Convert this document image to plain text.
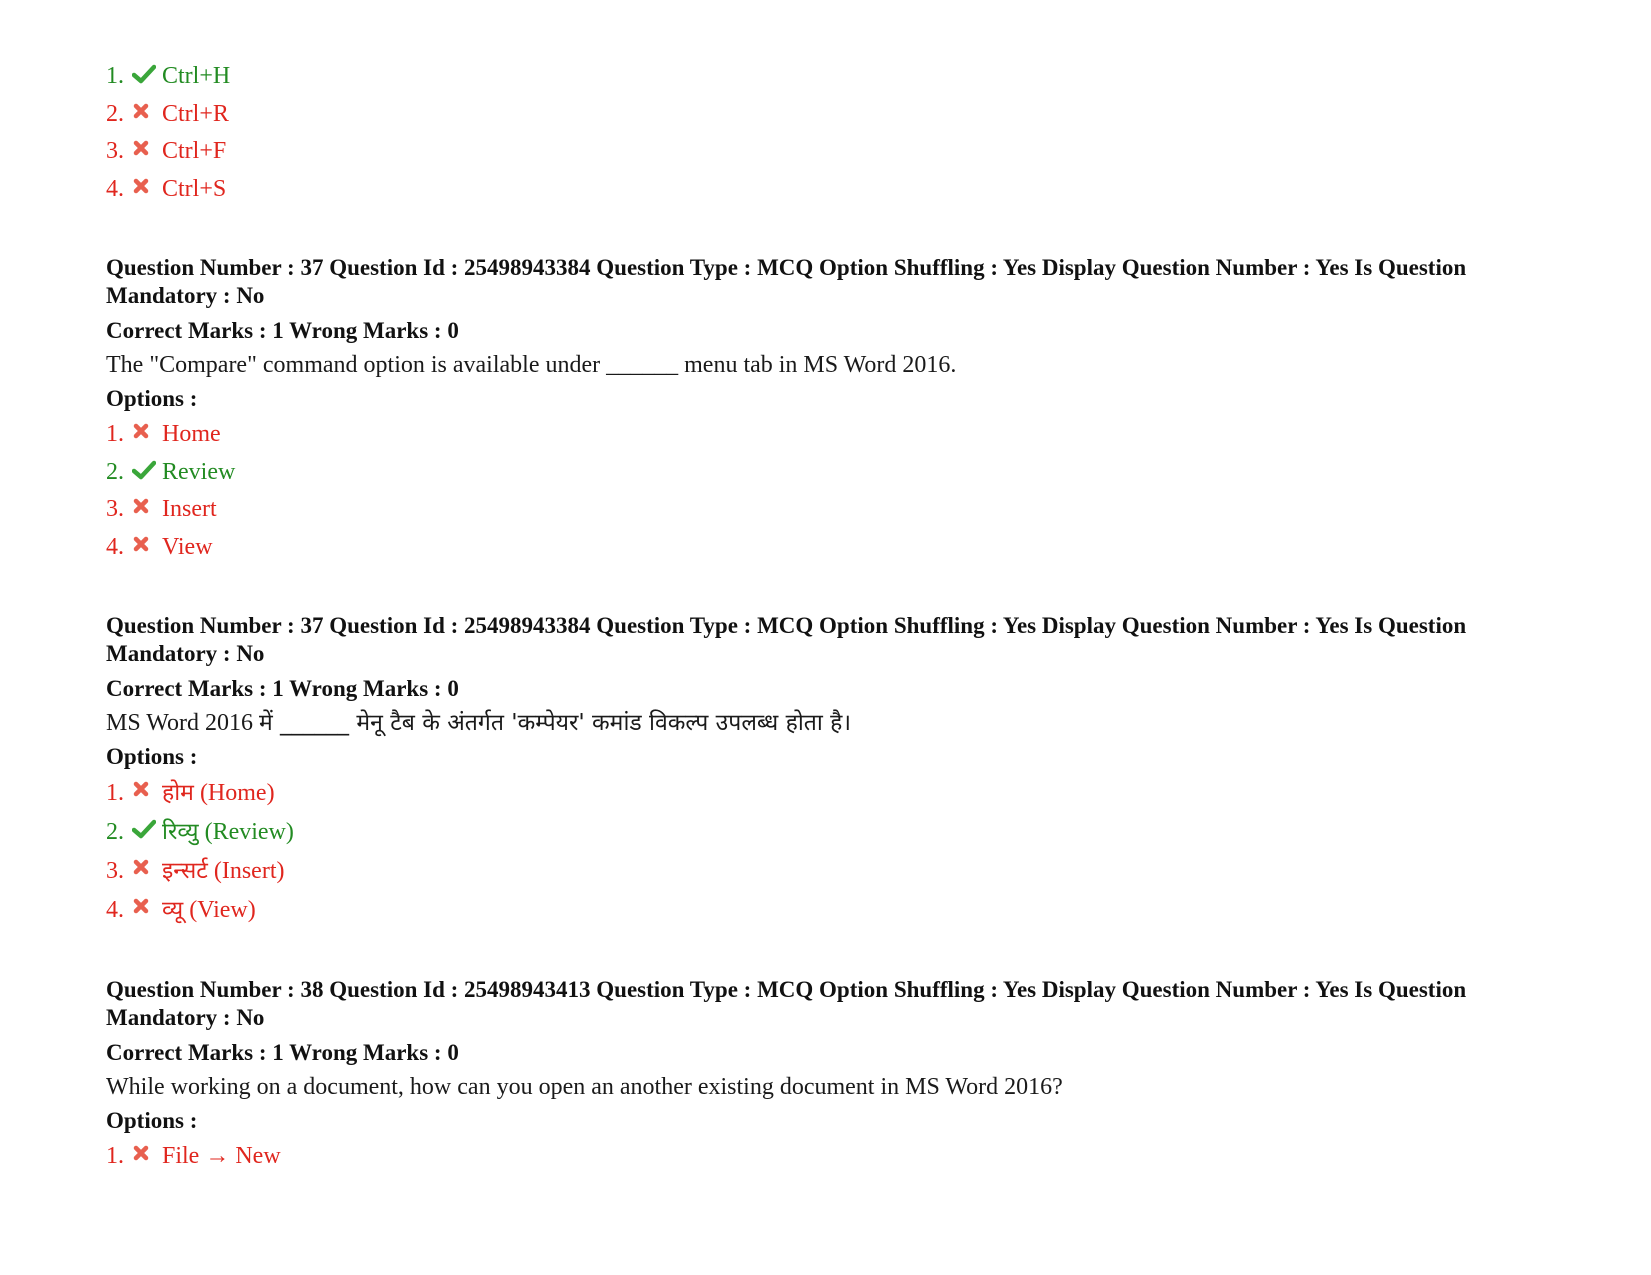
1. Ctrl+H
2. Ctrl+R
3. Ctrl+F
4. Ctrl+S
Question Number : 37 Question Id : 25498943384 Question Type : MCQ Option Shuffling : Yes Display Question Number : Yes Is Question Mandatory : No
Correct Marks : 1 Wrong Marks : 0
The "Compare" command option is available under ______ menu tab in MS Word 2016.
Options :
1. Home
2. Review
3. Insert
4. View
Question Number : 37 Question Id : 25498943384 Question Type : MCQ Option Shuffling : Yes Display Question Number : Yes Is Question Mandatory : No
Correct Marks : 1 Wrong Marks : 0
MS Word 2016 में ______ मेनू टैब के अंतर्गत 'कम्पेयर' कमांड विकल्प उपलब्ध होता है।
Options :
1. होम (Home)
2. रिव्यु (Review)
3. इन्सर्ट (Insert)
4. व्यू (View)
Question Number : 38 Question Id : 25498943413 Question Type : MCQ Option Shuffling : Yes Display Question Number : Yes Is Question Mandatory : No
Correct Marks : 1 Wrong Marks : 0
While working on a document, how can you open an another existing document in MS Word 2016?
Options :
1. File → New
